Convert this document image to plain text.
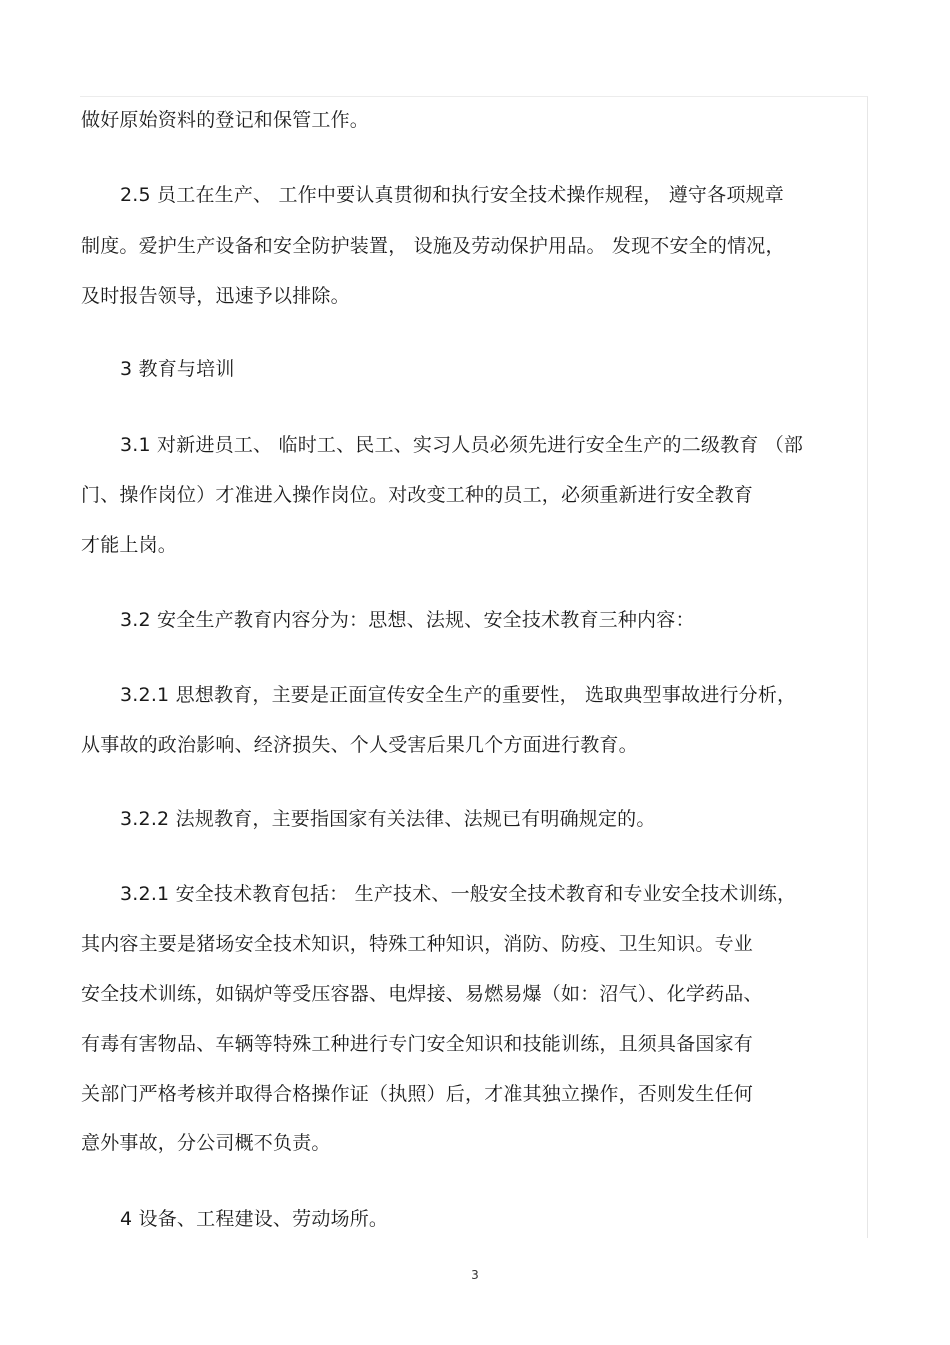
做好原始资料的登记和保管工作。
2.5 员工在生产、 工作中要认真贯彻和执行安全技术操作规程， 遵守各项规章
制度。爱护生产设备和安全防护装置， 设施及劳动保护用品。 发现不安全的情况，
及时报告领导，迅速予以排除。
3 教育与培训
3.1 对新进员工、 临时工、民工、实习人员必须先进行安全生产的二级教育 （部
门、操作岗位）才准进入操作岗位。对改变工种的员工，必须重新进行安全教育
才能上岗。
3.2 安全生产教育内容分为：思想、法规、安全技术教育三种内容：
3.2.1 思想教育，主要是正面宣传安全生产的重要性， 选取典型事故进行分析，
从事故的政治影响、经济损失、个人受害后果几个方面进行教育。
3.2.2 法规教育，主要指国家有关法律、法规已有明确规定的。
3.2.1 安全技术教育包括： 生产技术、一般安全技术教育和专业安全技术训练，
其内容主要是猪场安全技术知识，特殊工种知识，消防、防疫、卫生知识。专业
安全技术训练，如锅炉等受压容器、电焊接、易燃易爆（如：沼气）、化学药品、
有毒有害物品、车辆等特殊工种进行专门安全知识和技能训练，且须具备国家有
关部门严格考核并取得合格操作证（执照）后，才准其独立操作，否则发生任何
意外事故，分公司概不负责。
4 设备、工程建设、劳动场所。
3
